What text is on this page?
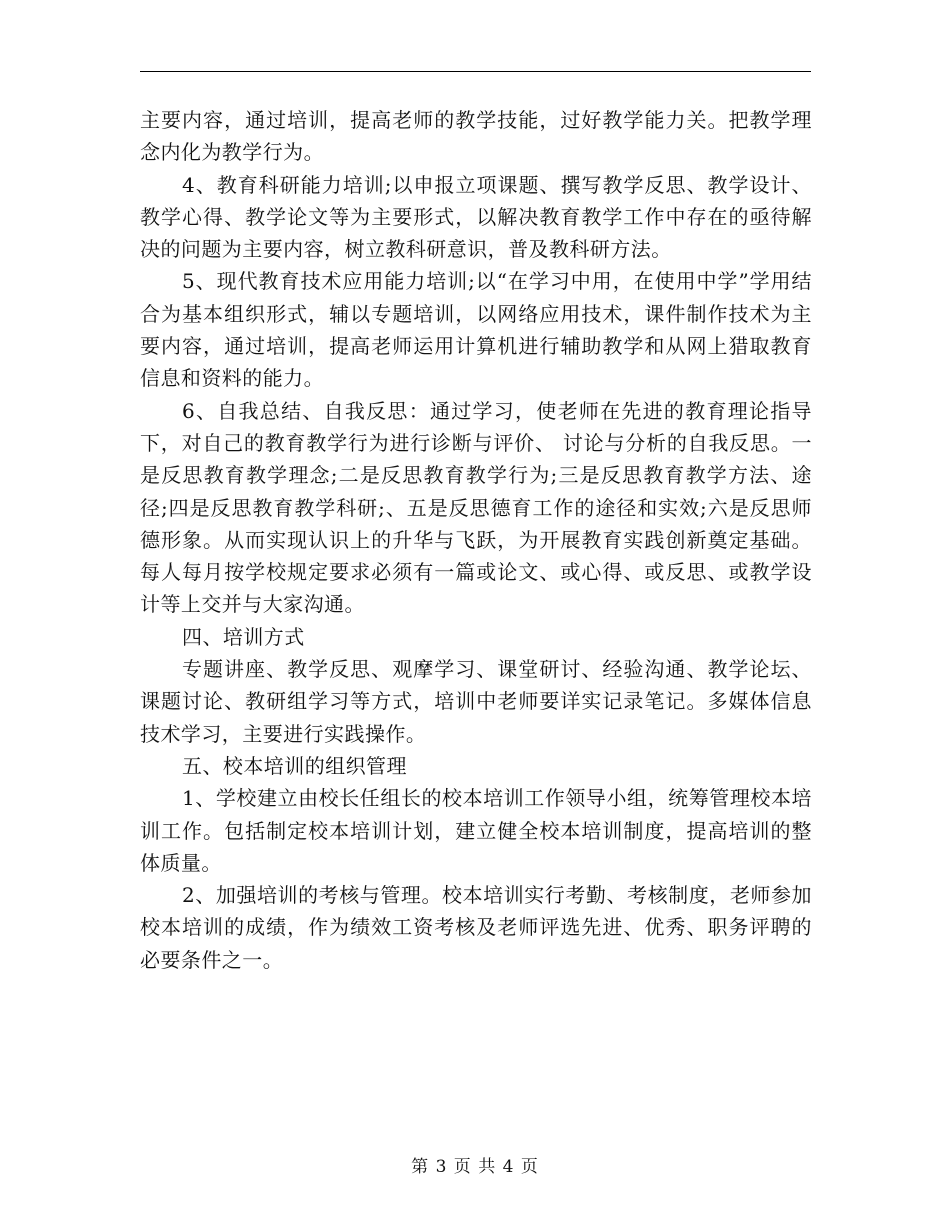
主要内容，通过培训，提高老师的教学技能，过好教学能力关。把教学理念内化为教学行为。

4、教育科研能力培训;以申报立项课题、撰写教学反思、教学设计、教学心得、教学论文等为主要形式，以解决教育教学工作中存在的亟待解决的问题为主要内容，树立教科研意识，普及教科研方法。

5、现代教育技术应用能力培训;以“在学习中用，在使用中学”学用结合为基本组织形式，辅以专题培训，以网络应用技术，课件制作技术为主要内容，通过培训，提高老师运用计算机进行辅助教学和从网上猎取教育信息和资料的能力。

6、自我总结、自我反思：通过学习，使老师在先进的教育理论指导下，对自己的教育教学行为进行诊断与评价、 讨论与分析的自我反思。一是反思教育教学理念;二是反思教育教学行为;三是反思教育教学方法、途径;四是反思教育教学科研;、五是反思德育工作的途径和实效;六是反思师德形象。从而实现认识上的升华与飞跃，为开展教育实践创新奠定基础。每人每月按学校规定要求必须有一篇或论文、或心得、或反思、或教学设计等上交并与大家沟通。

四、培训方式

专题讲座、教学反思、观摩学习、课堂研讨、经验沟通、教学论坛、课题讨论、教研组学习等方式，培训中老师要详实记录笔记。多媒体信息技术学习，主要进行实践操作。

五、校本培训的组织管理

1、学校建立由校长任组长的校本培训工作领导小组，统筹管理校本培训工作。包括制定校本培训计划，建立健全校本培训制度，提高培训的整体质量。

2、加强培训的考核与管理。校本培训实行考勤、考核制度，老师参加校本培训的成绩，作为绩效工资考核及老师评选先进、优秀、职务评聘的必要条件之一。

第 3 页 共 4 页
